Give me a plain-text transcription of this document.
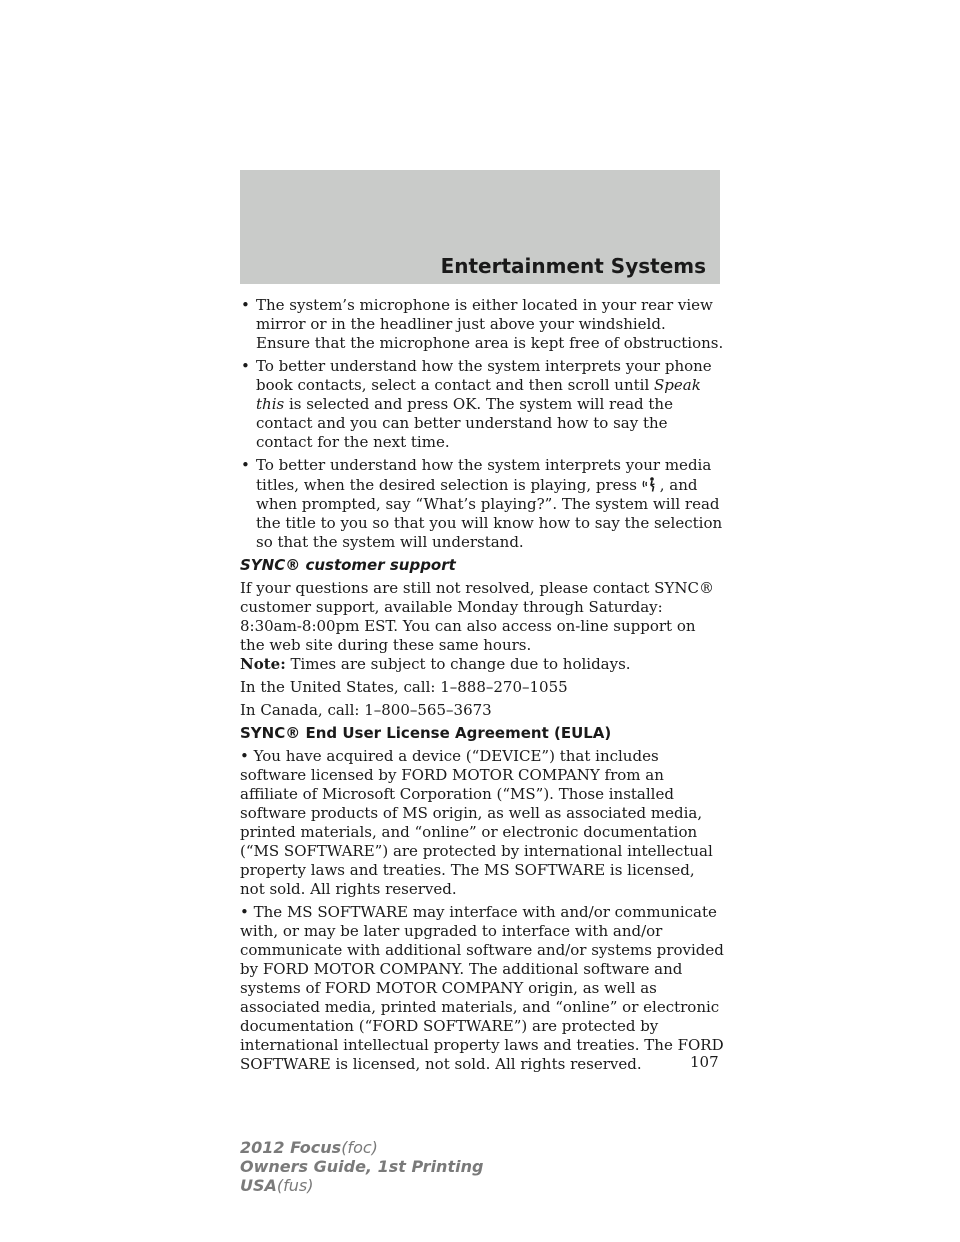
Entertainment Systems
• The system’s microphone is either located in your rear view mirror or in the headliner just above your windshield. Ensure that the microphone area is kept free of obstructions.
• To better understand how the system interprets your phone book contacts, select a contact and then scroll until Speak this is selected and press OK. The system will read the contact and you can better understand how to say the contact for the next time.
• To better understand how the system interprets your media titles, when the desired selection is playing, press , and when prompted, say “What’s playing?”. The system will read the title to you so that you will know how to say the selection so that the system will understand.
SYNC® customer support

If your questions are still not resolved, please contact SYNC® customer support, available Monday through Saturday: 8:30am-8:00pm EST. You can also access on-line support on the web site during these same hours.
Note: Times are subject to change due to holidays.

In the United States, call: 1–888–270–1055

In Canada, call: 1–800–565–3673

SYNC® End User License Agreement (EULA)

• You have acquired a device (“DEVICE”) that includes software licensed by FORD MOTOR COMPANY from an affiliate of Microsoft Corporation (“MS”). Those installed software products of MS origin, as well as associated media, printed materials, and “online” or electronic documentation (“MS SOFTWARE”) are protected by international intellectual property laws and treaties. The MS SOFTWARE is licensed, not sold. All rights reserved.

• The MS SOFTWARE may interface with and/or communicate with, or may be later upgraded to interface with and/or communicate with additional software and/or systems provided by FORD MOTOR COMPANY. The additional software and systems of FORD MOTOR COMPANY origin, as well as associated media, printed materials, and “online” or electronic documentation (“FORD SOFTWARE”) are protected by international intellectual property laws and treaties. The FORD SOFTWARE is licensed, not sold. All rights reserved.	107
2012 Focus(foc)
Owners Guide, 1st Printing
USA(fus)
